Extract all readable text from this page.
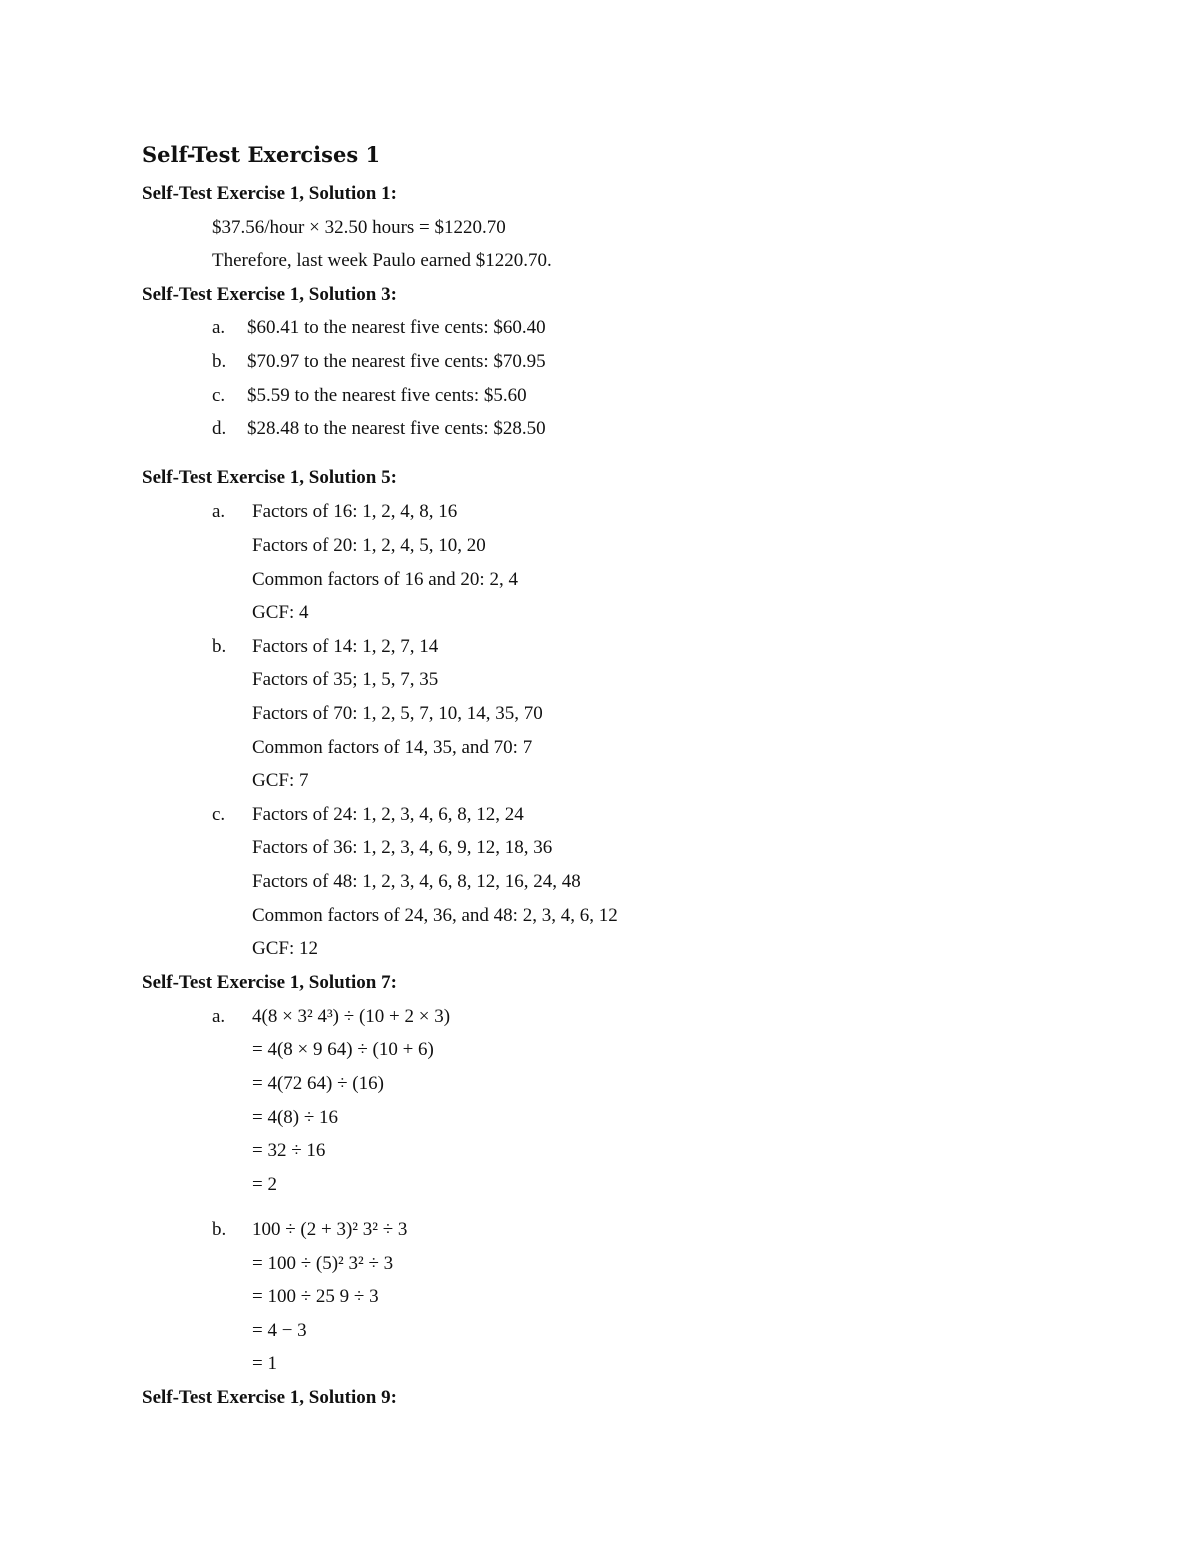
Self-Test Exercises 1
Self-Test Exercise 1, Solution 1:
$37.56/hour × 32.50 hours = $1220.70
Therefore, last week Paulo earned $1220.70.
Self-Test Exercise 1, Solution 3:
a. $60.41 to the nearest five cents: $60.40
b. $70.97 to the nearest five cents: $70.95
c. $5.59 to the nearest five cents: $5.60
d. $28.48 to the nearest five cents: $28.50
Self-Test Exercise 1, Solution 5:
a. Factors of 16: 1, 2, 4, 8, 16
Factors of 20: 1, 2, 4, 5, 10, 20
Common factors of 16 and 20: 2, 4
GCF: 4
b. Factors of 14: 1, 2, 7, 14
Factors of 35; 1, 5, 7, 35
Factors of 70: 1, 2, 5, 7, 10, 14, 35, 70
Common factors of 14, 35, and 70: 7
GCF: 7
c. Factors of 24: 1, 2, 3, 4, 6, 8, 12, 24
Factors of 36: 1, 2, 3, 4, 6, 9, 12, 18, 36
Factors of 48: 1, 2, 3, 4, 6, 8, 12, 16, 24, 48
Common factors of 24, 36, and 48: 2, 3, 4, 6, 12
GCF: 12
Self-Test Exercise 1, Solution 7:
a. 4(8 × 3² 4³) ÷ (10 + 2 × 3)
= 4(8 × 9 64) ÷ (10 + 6)
= 4(72 64) ÷ (16)
= 4(8) ÷ 16
= 32 ÷ 16
= 2
b. 100 ÷ (2 + 3)² 3² ÷ 3
= 100 ÷ (5)² 3² ÷ 3
= 100 ÷ 25 9 ÷ 3
= 4 − 3
= 1
Self-Test Exercise 1, Solution 9:
